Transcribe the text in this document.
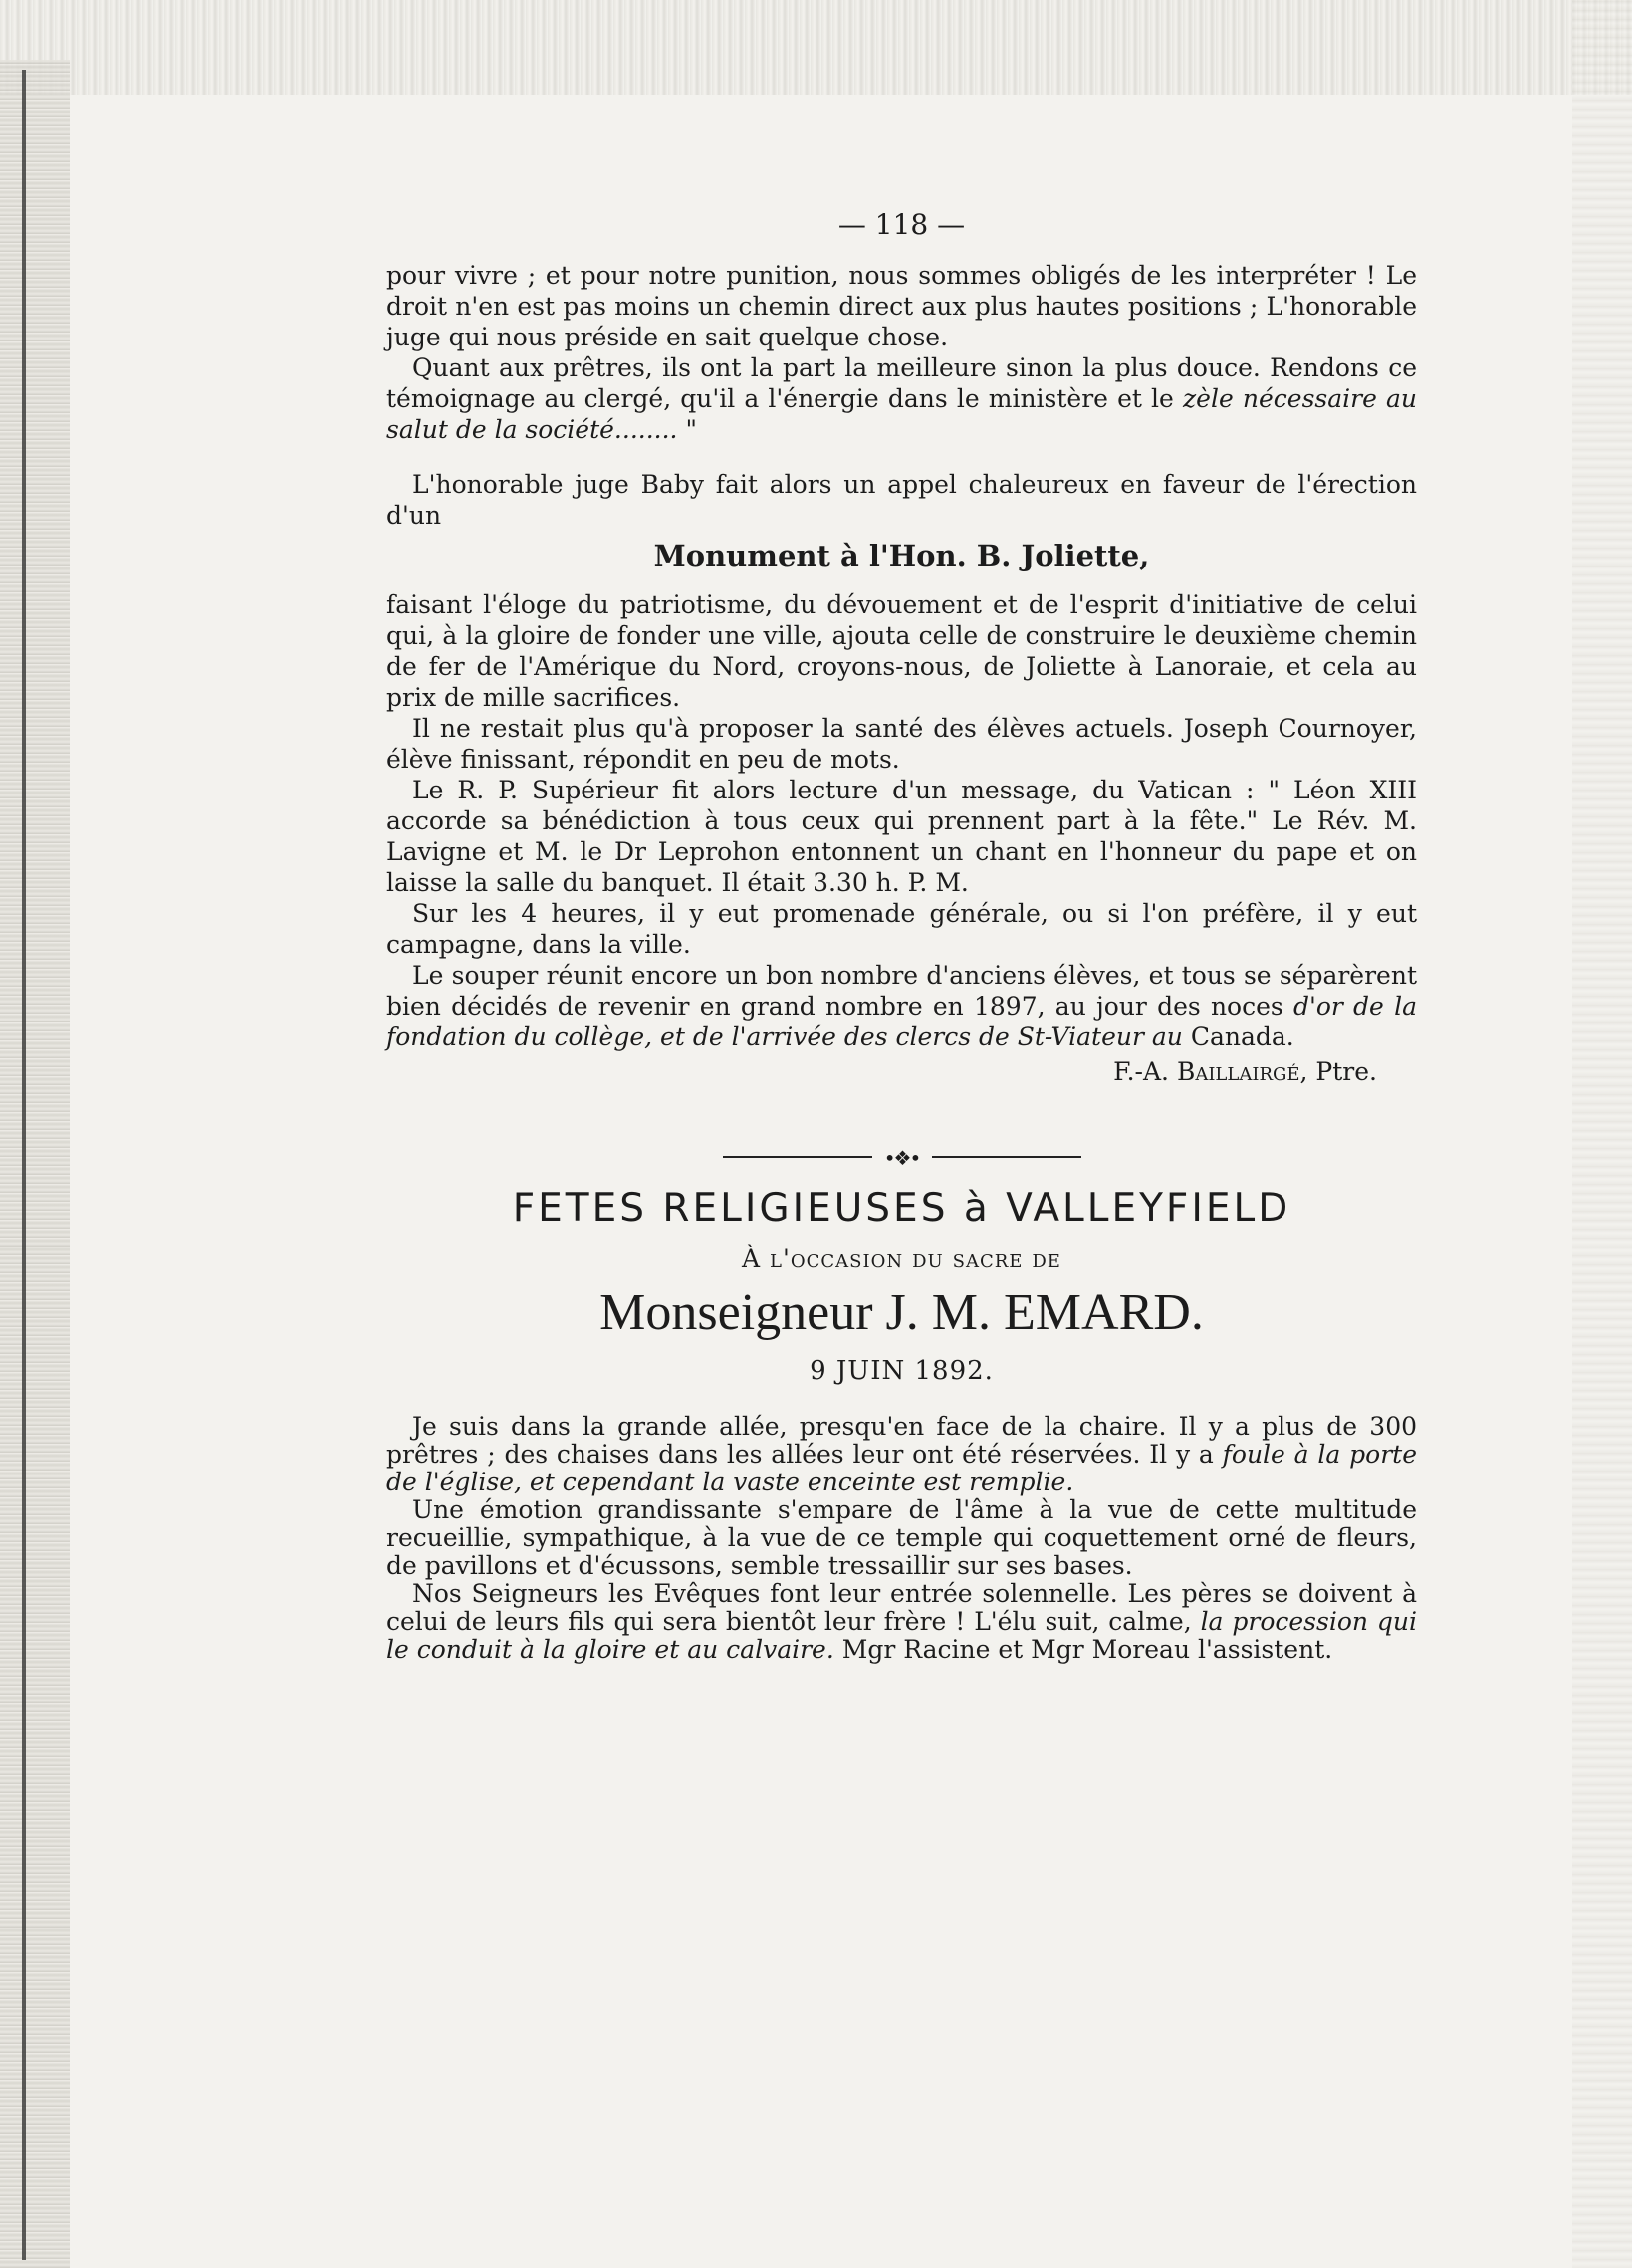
— 118 —

pour vivre ; et pour notre punition, nous sommes obligés de les interpréter ! Le droit n'en est pas moins un chemin direct aux plus hautes positions ; L'honorable juge qui nous préside en sait quelque chose.

Quant aux prêtres, ils ont la part la meilleure sinon la plus douce. Rendons ce témoignage au clergé, qu'il a l'énergie dans le ministère et le zèle nécessaire au salut de la société........ "

L'honorable juge Baby fait alors un appel chaleureux en faveur de l'érection d'un

Monument à l'Hon. B. Joliette,

faisant l'éloge du patriotisme, du dévouement et de l'esprit d'initiative de celui qui, à la gloire de fonder une ville, ajouta celle de construire le deuxième chemin de fer de l'Amérique du Nord, croyons-nous, de Joliette à Lanoraie, et cela au prix de mille sacrifices.

Il ne restait plus qu'à proposer la santé des élèves actuels. Joseph Cournoyer, élève finissant, répondit en peu de mots.

Le R. P. Supérieur fit alors lecture d'un message, du Vatican : " Léon XIII accorde sa bénédiction à tous ceux qui prennent part à la fête." Le Rév. M. Lavigne et M. le Dr Leprohon entonnent un chant en l'honneur du pape et on laisse la salle du banquet. Il était 3.30 h. P. M.

Sur les 4 heures, il y eut promenade générale, ou si l'on préfère, il y eut campagne, dans la ville.

Le souper réunit encore un bon nombre d'anciens élèves, et tous se séparèrent bien décidés de revenir en grand nombre en 1897, au jour des noces d'or de la fondation du collège, et de l'arrivée des clercs de St-Viateur au Canada.

F.-A. Baillairgé, Ptre.
•❖•
FETES RELIGIEUSES à VALLEYFIELD
À l'occasion du sacre de
Monseigneur J. M. EMARD.
9 JUIN 1892.

Je suis dans la grande allée, presqu'en face de la chaire. Il y a plus de 300 prêtres ; des chaises dans les allées leur ont été réservées. Il y a foule à la porte de l'église, et cependant la vaste enceinte est remplie.

Une émotion grandissante s'empare de l'âme à la vue de cette multitude recueillie, sympathique, à la vue de ce temple qui coquettement orné de fleurs, de pavillons et d'écussons, semble tressaillir sur ses bases.

Nos Seigneurs les Evêques font leur entrée solennelle. Les pères se doivent à celui de leurs fils qui sera bientôt leur frère ! L'élu suit, calme, la procession qui le conduit à la gloire et au calvaire. Mgr Racine et Mgr Moreau l'assistent.
